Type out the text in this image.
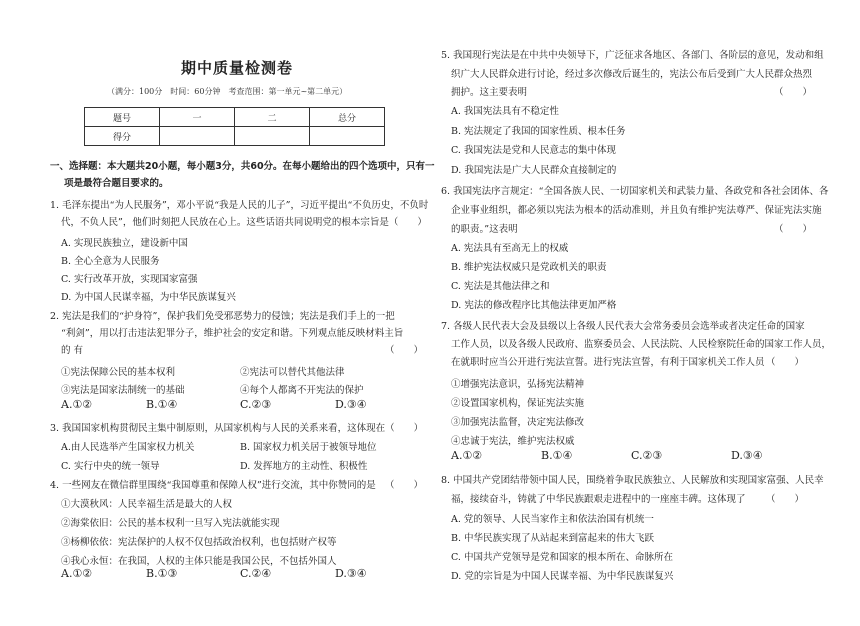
期中质量检测卷
（满分：100分　时间：60分钟　考查范围：第一单元~第二单元）
题号	一	二	总分
得分			
一、选择题：本大题共20小题，每小题3分，共60分。在每小题给出的四个选项中，只有一
项是最符合题目要求的。
1. 毛泽东提出“为人民服务”，邓小平说“我是人民的儿子”，习近平提出“不负历史，不负时
代，不负人民”，他们时刻把人民放在心上。这些话语共同说明党的根本宗旨是（　　）
A. 实现民族独立，建设新中国
B. 全心全意为人民服务
C. 实行改革开放，实现国家富强
D. 为中国人民谋幸福，为中华民族谋复兴
2. 宪法是我们的“护身符”，保护我们免受邪恶势力的侵蚀；宪法是我们手上的一把
“利剑”，用以打击违法犯罪分子，维护社会的安定和谐。下列观点能反映材料主旨
的 有	（　　）
①宪法保障公民的基本权利	②宪法可以替代其他法律
③宪法是国家法制统一的基础	④每个人都离不开宪法的保护
A.①②	B.①④	C.②③	D.③④
3. 我国国家机构贯彻民主集中制原则，从国家机构与人民的关系来看，这体现在（　　）
A.由人民选举产生国家权力机关	B. 国家权力机关居于被领导地位
C. 实行中央的统一领导	D. 发挥地方的主动性、积极性
4. 一些网友在微信群里围绕“我国尊重和保障人权”进行交流，其中你赞同的是 （　　）
①大漠秋风：人民幸福生活是最大的人权
②海棠依旧：公民的基本权利一旦写入宪法就能实现
③杨柳依依：宪法保护的人权不仅包括政治权利，也包括财产权等
④我心永恒：在我国，人权的主体只能是我国公民，不包括外国人
A.①②	B.①③	C.②④	D.③④
5. 我国现行宪法是在中共中央领导下，广泛征求各地区、各部门、各阶层的意见，发动和组
织广大人民群众进行讨论，经过多次修改后诞生的，宪法公布后受到广大人民群众热烈
拥护。这主要表明	（　　）
A. 我国宪法具有不稳定性
B. 宪法规定了我国的国家性质、根本任务
C. 我国宪法是党和人民意志的集中体现
D. 我国宪法是广大人民群众直接制定的
6. 我国宪法序言规定：“全国各族人民、一切国家机关和武装力量、各政党和各社会团体、各
企业事业组织，都必须以宪法为根本的活动准则，并且负有维护宪法尊严、保证宪法实施
的职责。”这表明	（　　）
A. 宪法具有至高无上的权威
B. 维护宪法权威只是党政机关的职责
C. 宪法是其他法律之和
D. 宪法的修改程序比其他法律更加严格
7. 各级人民代表大会及县级以上各级人民代表大会常务委员会选举或者决定任命的国家
工作人员，以及各级人民政府、监察委员会、人民法院、人民检察院任命的国家工作人员，
在就职时应当公开进行宪法宣誓。进行宪法宣誓，有利于国家机关工作人员 （　　）
①增强宪法意识，弘扬宪法精神
②设置国家机构，保证宪法实施
③加强宪法监督，决定宪法修改
④忠诚于宪法，维护宪法权威
A.①②	B.①④	C.②③	D.③④
8. 中国共产党团结带领中国人民，围绕着争取民族独立、人民解放和实现国家富强、人民幸
福，接续奋斗，铸就了中华民族跟艰走进程中的一座座丰碑。这体现了 （　　）
A. 党的领导、人民当家作主和依法治国有机统一
B. 中华民族实现了从站起来到富起来的伟大飞跃
C. 中国共产党领导是党和国家的根本所在、命脉所在
D. 党的宗旨是为中国人民谋幸福、为中华民族谋复兴
